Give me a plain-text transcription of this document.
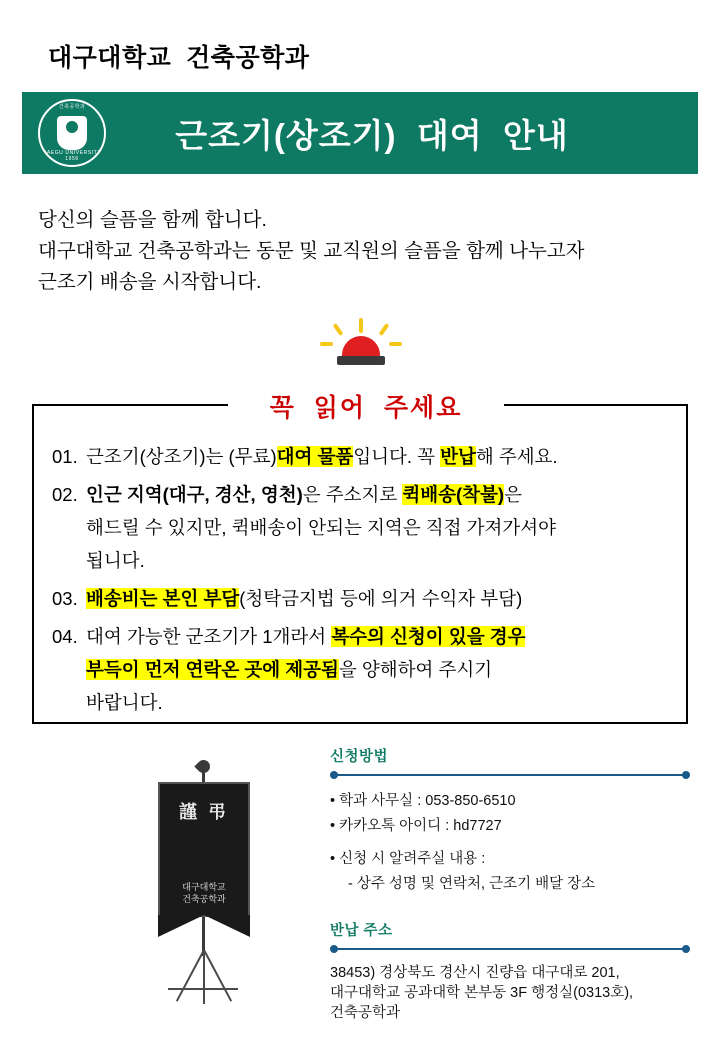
대구대학교  건축공학과
건축공학과
DAEGU UNIVERSITY 1956
근조기(상조기)  대여  안내
당신의 슬픔을 함께 합니다.
대구대학교 건축공학과는 동문 및 교직원의 슬픔을 함께 나누고자
근조기 배송을 시작합니다.
꼭  읽어  주세요
01. 근조기(상조기)는 (무료)대여 물품입니다. 꼭 반납해 주세요.
02. 인근 지역(대구, 경산, 영천)은 주소지로 퀵배송(착불)은
해드릴 수 있지만, 퀵배송이 안되는 지역은 직접 가져가셔야
됩니다.
03. 배송비는 본인 부담(청탁금지법 등에 의거 수익자 부담)
04. 대여 가능한 군조기가 1개라서 복수의 신청이 있을 경우
부득이 먼저 연락온 곳에 제공됨을 양해하여 주시기
바랍니다.
謹 弔
대구대학교
건축공학과
신청방법
• 학과 사무실 : 053-850-6510
• 카카오톡 아이디 : hd7727
• 신청 시 알려주실 내용 :
- 상주 성명 및 연락처, 근조기 배달 장소
반납 주소
38453) 경상북도 경산시 진량읍 대구대로 201,
대구대학교 공과대학 본부동 3F 행정실(0313호),
건축공학과
